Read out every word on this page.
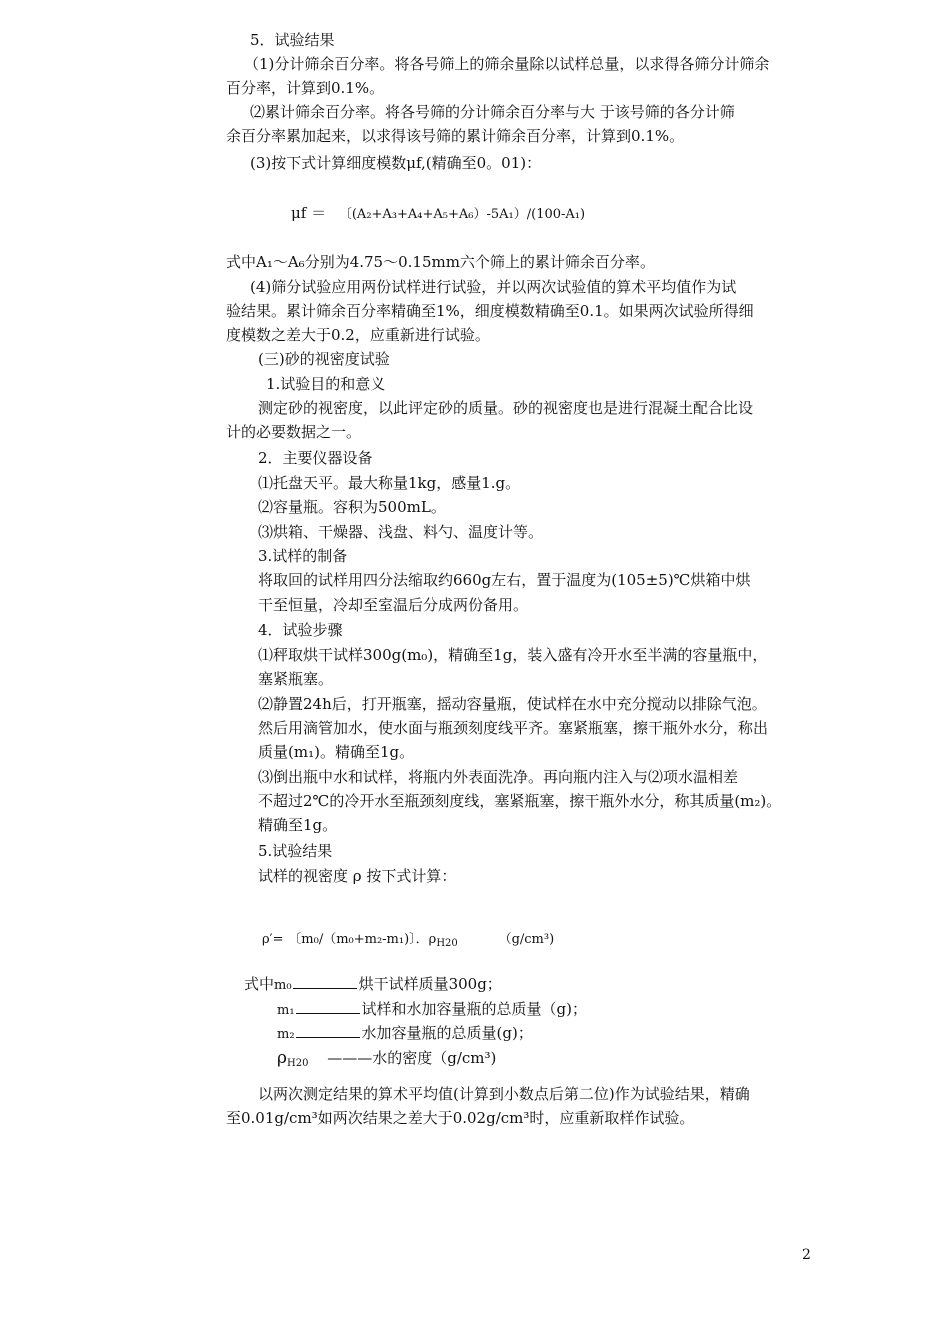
5．试验结果
（1)分计筛余百分率。将各号筛上的筛余量除以试样总量，以求得各筛分计筛余
百分率，计算到0.1%。
⑵累计筛余百分率。将各号筛的分计筛余百分率与大 于该号筛的各分计筛
余百分率累加起来，以求得该号筛的累计筛余百分率，计算到0.1%。
(3)按下式计算细度模数μf,(精确至0。01)：
式中A₁～A₆分别为4.75～0.15mm六个筛上的累计筛余百分率。
(4)筛分试验应用两份试样进行试验，并以两次试验值的算术平均值作为试
验结果。累计筛余百分率精确至1%，细度模数精确至0.1。如果两次试验所得细
度模数之差大于0.2，应重新进行试验。
(三)砂的视密度试验
1.试验目的和意义
测定砂的视密度，以此评定砂的质量。砂的视密度也是进行混凝土配合比设
计的必要数据之一。
2．主要仪器设备
⑴托盘天平。最大称量1kg，感量1.g。
⑵容量瓶。容积为500mL。
⑶烘箱、干燥器、浅盘、料勺、温度计等。
3.试样的制备
将取回的试样用四分法缩取约660g左右，置于温度为(105±5)℃烘箱中烘
干至恒量，冷却至室温后分成两份备用。
4．试验步骤
⑴秤取烘干试样300g(m₀)，精确至1g，装入盛有冷开水至半满的容量瓶中，
塞紧瓶塞。
⑵静置24h后，打开瓶塞，摇动容量瓶，使试样在水中充分搅动以排除气泡。
然后用滴管加水，使水面与瓶颈刻度线平齐。塞紧瓶塞，擦干瓶外水分，称出
质量(m₁)。精确至1g。
⑶倒出瓶中水和试样，将瓶内外表面洗净。再向瓶内注入与⑵项水温相差
不超过2℃的冷开水至瓶颈刻度线，塞紧瓶塞，擦干瓶外水分，称其质量(m₂)。
精确至1g。
5.试验结果
试样的视密度 ρ 按下式计算：
以两次测定结果的算术平均值(计算到小数点后第二位)作为试验结果，精确
至0.01g/cm³如两次结果之差大于0.02g/cm³时，应重新取样作试验。
μf ＝ 〔(A₂+A₃+A₄+A₅+A₆）-5A₁）/(100-A₁)
ρ′= 〔m₀/（m₀+m₂-m₁)〕．$\rho_{H20}$	（g/cm³)
式中m₀	烘干试样质量300g；
m₁	试样和水加容量瓶的总质量（g)；
m₂	水加容量瓶的总质量(g)；
$\rho_{H20}$ ———水的密度（g/cm³)
2
